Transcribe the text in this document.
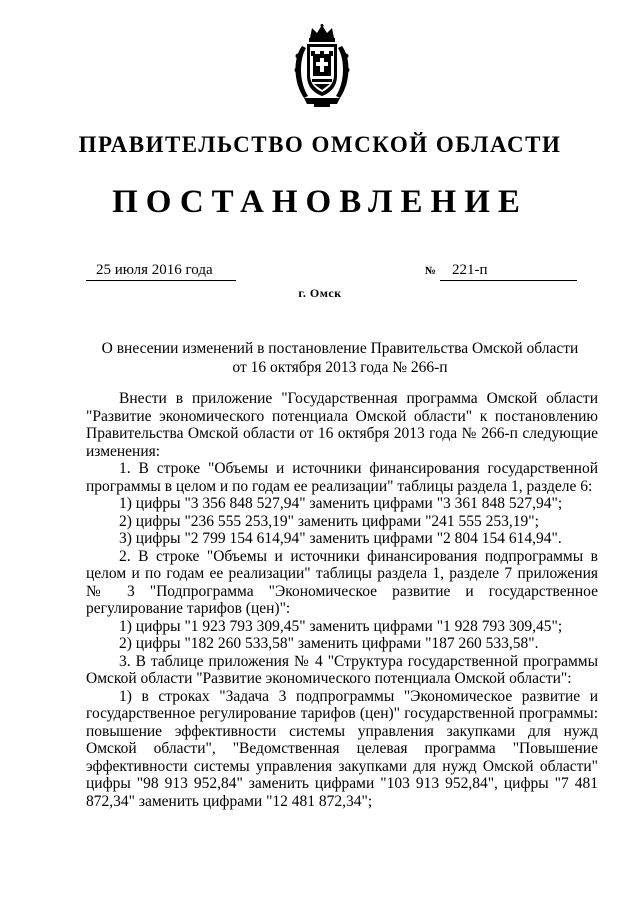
ПРАВИТЕЛЬСТВО ОМСКОЙ ОБЛАСТИ
ПОСТАНОВЛЕНИЕ
25 июля 2016 года	№ 221-п
г. Омск
О внесении изменений в постановление Правительства Омской области
от 16 октября 2013 года № 266-п

Внести в приложение "Государственная программа Омской области "Развитие экономического потенциала Омской области" к постановлению Правительства Омской области от 16 октября 2013 года № 266-п следующие изменения:

1. В строке "Объемы и источники финансирования государственной программы в целом и по годам ее реализации" таблицы раздела 1, разделе 6:

1) цифры "3 356 848 527,94" заменить цифрами "3 361 848 527,94";

2) цифры "236 555 253,19" заменить цифрами "241 555 253,19";

3) цифры "2 799 154 614,94" заменить цифрами "2 804 154 614,94".

2. В строке "Объемы и источники финансирования подпрограммы в целом и по годам ее реализации" таблицы раздела 1, разделе 7 приложения № 3 "Подпрограмма "Экономическое развитие и государственное регулирование тарифов (цен)":

1) цифры "1 923 793 309,45" заменить цифрами "1 928 793 309,45";

2) цифры "182 260 533,58" заменить цифрами "187 260 533,58".

3. В таблице приложения № 4 "Структура государственной программы Омской области "Развитие экономического потенциала Омской области":

1) в строках "Задача 3 подпрограммы "Экономическое развитие и государственное регулирование тарифов (цен)" государственной программы: повышение эффективности системы управления закупками для нужд Омской области", "Ведомственная целевая программа "Повышение эффективности системы управления закупками для нужд Омской области" цифры "98 913 952,84" заменить цифрами "103 913 952,84", цифры "7 481 872,34" заменить цифрами "12 481 872,34";
